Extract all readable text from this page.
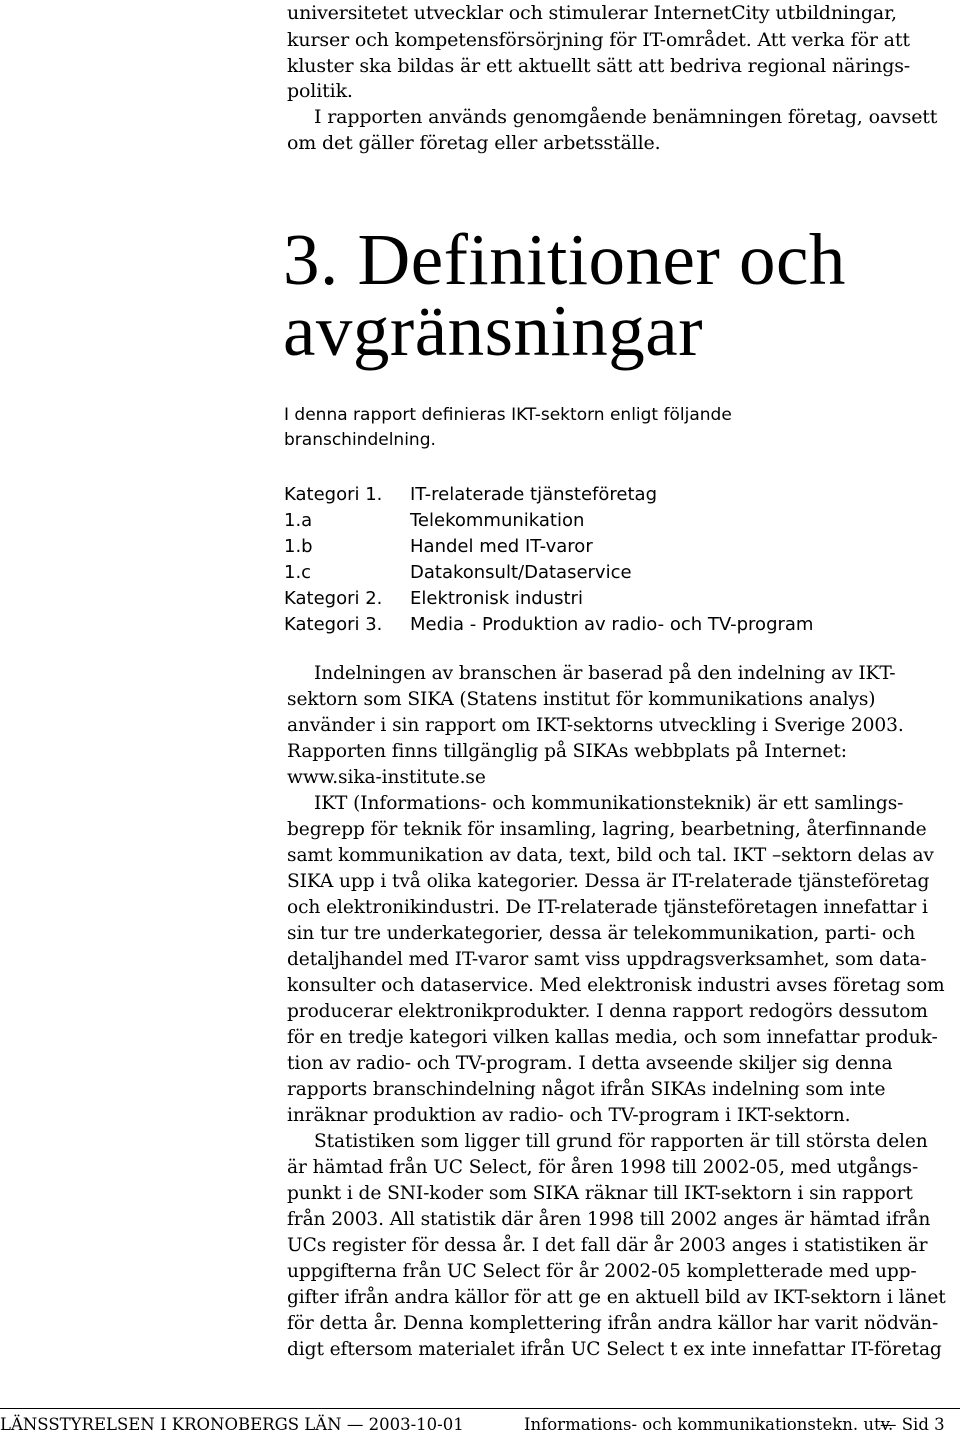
universitetet utvecklar och stimulerar InternetCity utbildningar,
kurser och kompetensförsörjning för IT-området. Att verka för att
kluster ska bildas är ett aktuellt sätt att bedriva regional närings-
politik.
I rapporten används genomgående benämningen företag, oavsett
om det gäller företag eller arbetsställe.
3. Definitioner och
avgränsningar
I denna rapport definieras IKT-sektorn enligt följande
branschindelning.
Kategori 1. IT-relaterade tjänsteföretag
1.a	Telekommunikation
1.b	Handel med IT-varor
1.c	Datakonsult/Dataservice
Kategori 2. Elektronisk industri
Kategori 3. Media - Produktion av radio- och TV-program
Indelningen av branschen är baserad på den indelning av IKT-
sektorn som SIKA (Statens institut för kommunikations analys)
använder i sin rapport om IKT-sektorns utveckling i Sverige 2003.
Rapporten finns tillgänglig på SIKAs webbplats på Internet:
www.sika-institute.se
IKT (Informations- och kommunikationsteknik) är ett samlings-
begrepp för teknik för insamling, lagring, bearbetning, återfinnande
samt kommunikation av data, text, bild och tal. IKT –sektorn delas av
SIKA upp i två olika kategorier. Dessa är IT-relaterade tjänsteföretag
och elektronikindustri. De IT-relaterade tjänsteföretagen innefattar i
sin tur tre underkategorier, dessa är telekommunikation, parti- och
detaljhandel med IT-varor samt viss uppdragsverksamhet, som data-
konsulter och dataservice. Med elektronisk industri avses företag som
producerar elektronikprodukter. I denna rapport redogörs dessutom
för en tredje kategori vilken kallas media, och som innefattar produk-
tion av radio- och TV-program. I detta avseende skiljer sig denna
rapports branschindelning något ifrån SIKAs indelning som inte
inräknar produktion av radio- och TV-program i IKT-sektorn.
Statistiken som ligger till grund för rapporten är till största delen
är hämtad från UC Select, för åren 1998 till 2002-05, med utgångs-
punkt i de SNI-koder som SIKA räknar till IKT-sektorn i sin rapport
från 2003. All statistik där åren 1998 till 2002 anges är hämtad ifrån
UCs register för dessa år. I det fall där år 2003 anges i statistiken är
uppgifterna från UC Select för år 2002-05 kompletterade med upp-
gifter ifrån andra källor för att ge en aktuell bild av IKT-sektorn i länet
för detta år. Denna komplettering ifrån andra källor har varit nödvän-
digt eftersom materialet ifrån UC Select t ex inte innefattar IT-företag
LÄNSSTYRELSEN I KRONOBERGS LÄN — 2003-10-01	Informations- och kommunikationstekn. utv.
— Sid 3
